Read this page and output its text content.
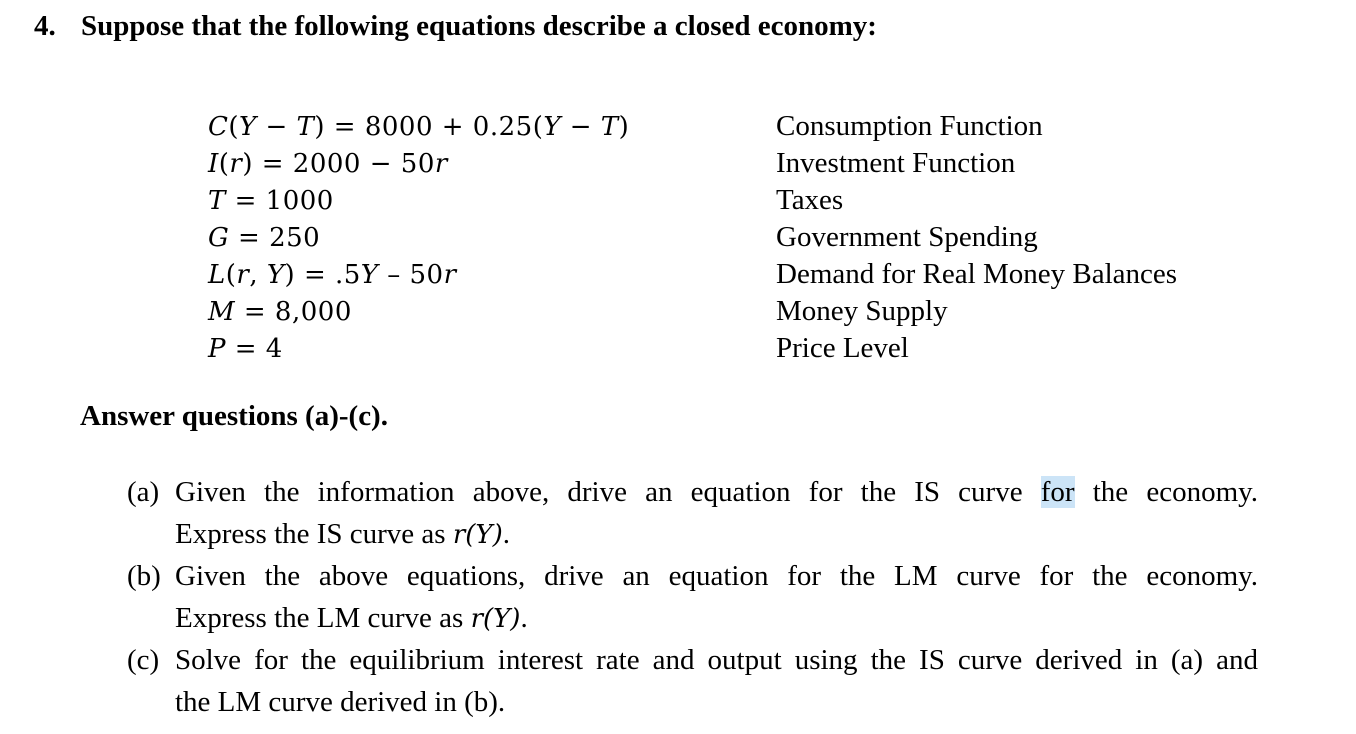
4. Suppose that the following equations describe a closed economy:
𝐶(𝑌 − 𝑇) = 8000 + 0.25(𝑌 − 𝑇)	Consumption Function
𝐼(𝑟) = 2000 − 50𝑟	Investment Function
𝑇 = 1000	Taxes
𝐺 = 250	Government Spending
𝐿(𝑟, 𝑌) = .5𝑌 – 50𝑟	Demand for Real Money Balances
𝑀 = 8,000	Money Supply
𝑃 = 4	Price Level
Answer questions (a)-(c).
(a) Given the information above, drive an equation for the IS curve for the economy.
Express the IS curve as r(Y).
(b) Given the above equations, drive an equation for the LM curve for the economy.
Express the LM curve as r(Y).
(c) Solve for the equilibrium interest rate and output using the IS curve derived in (a) and
the LM curve derived in (b).
